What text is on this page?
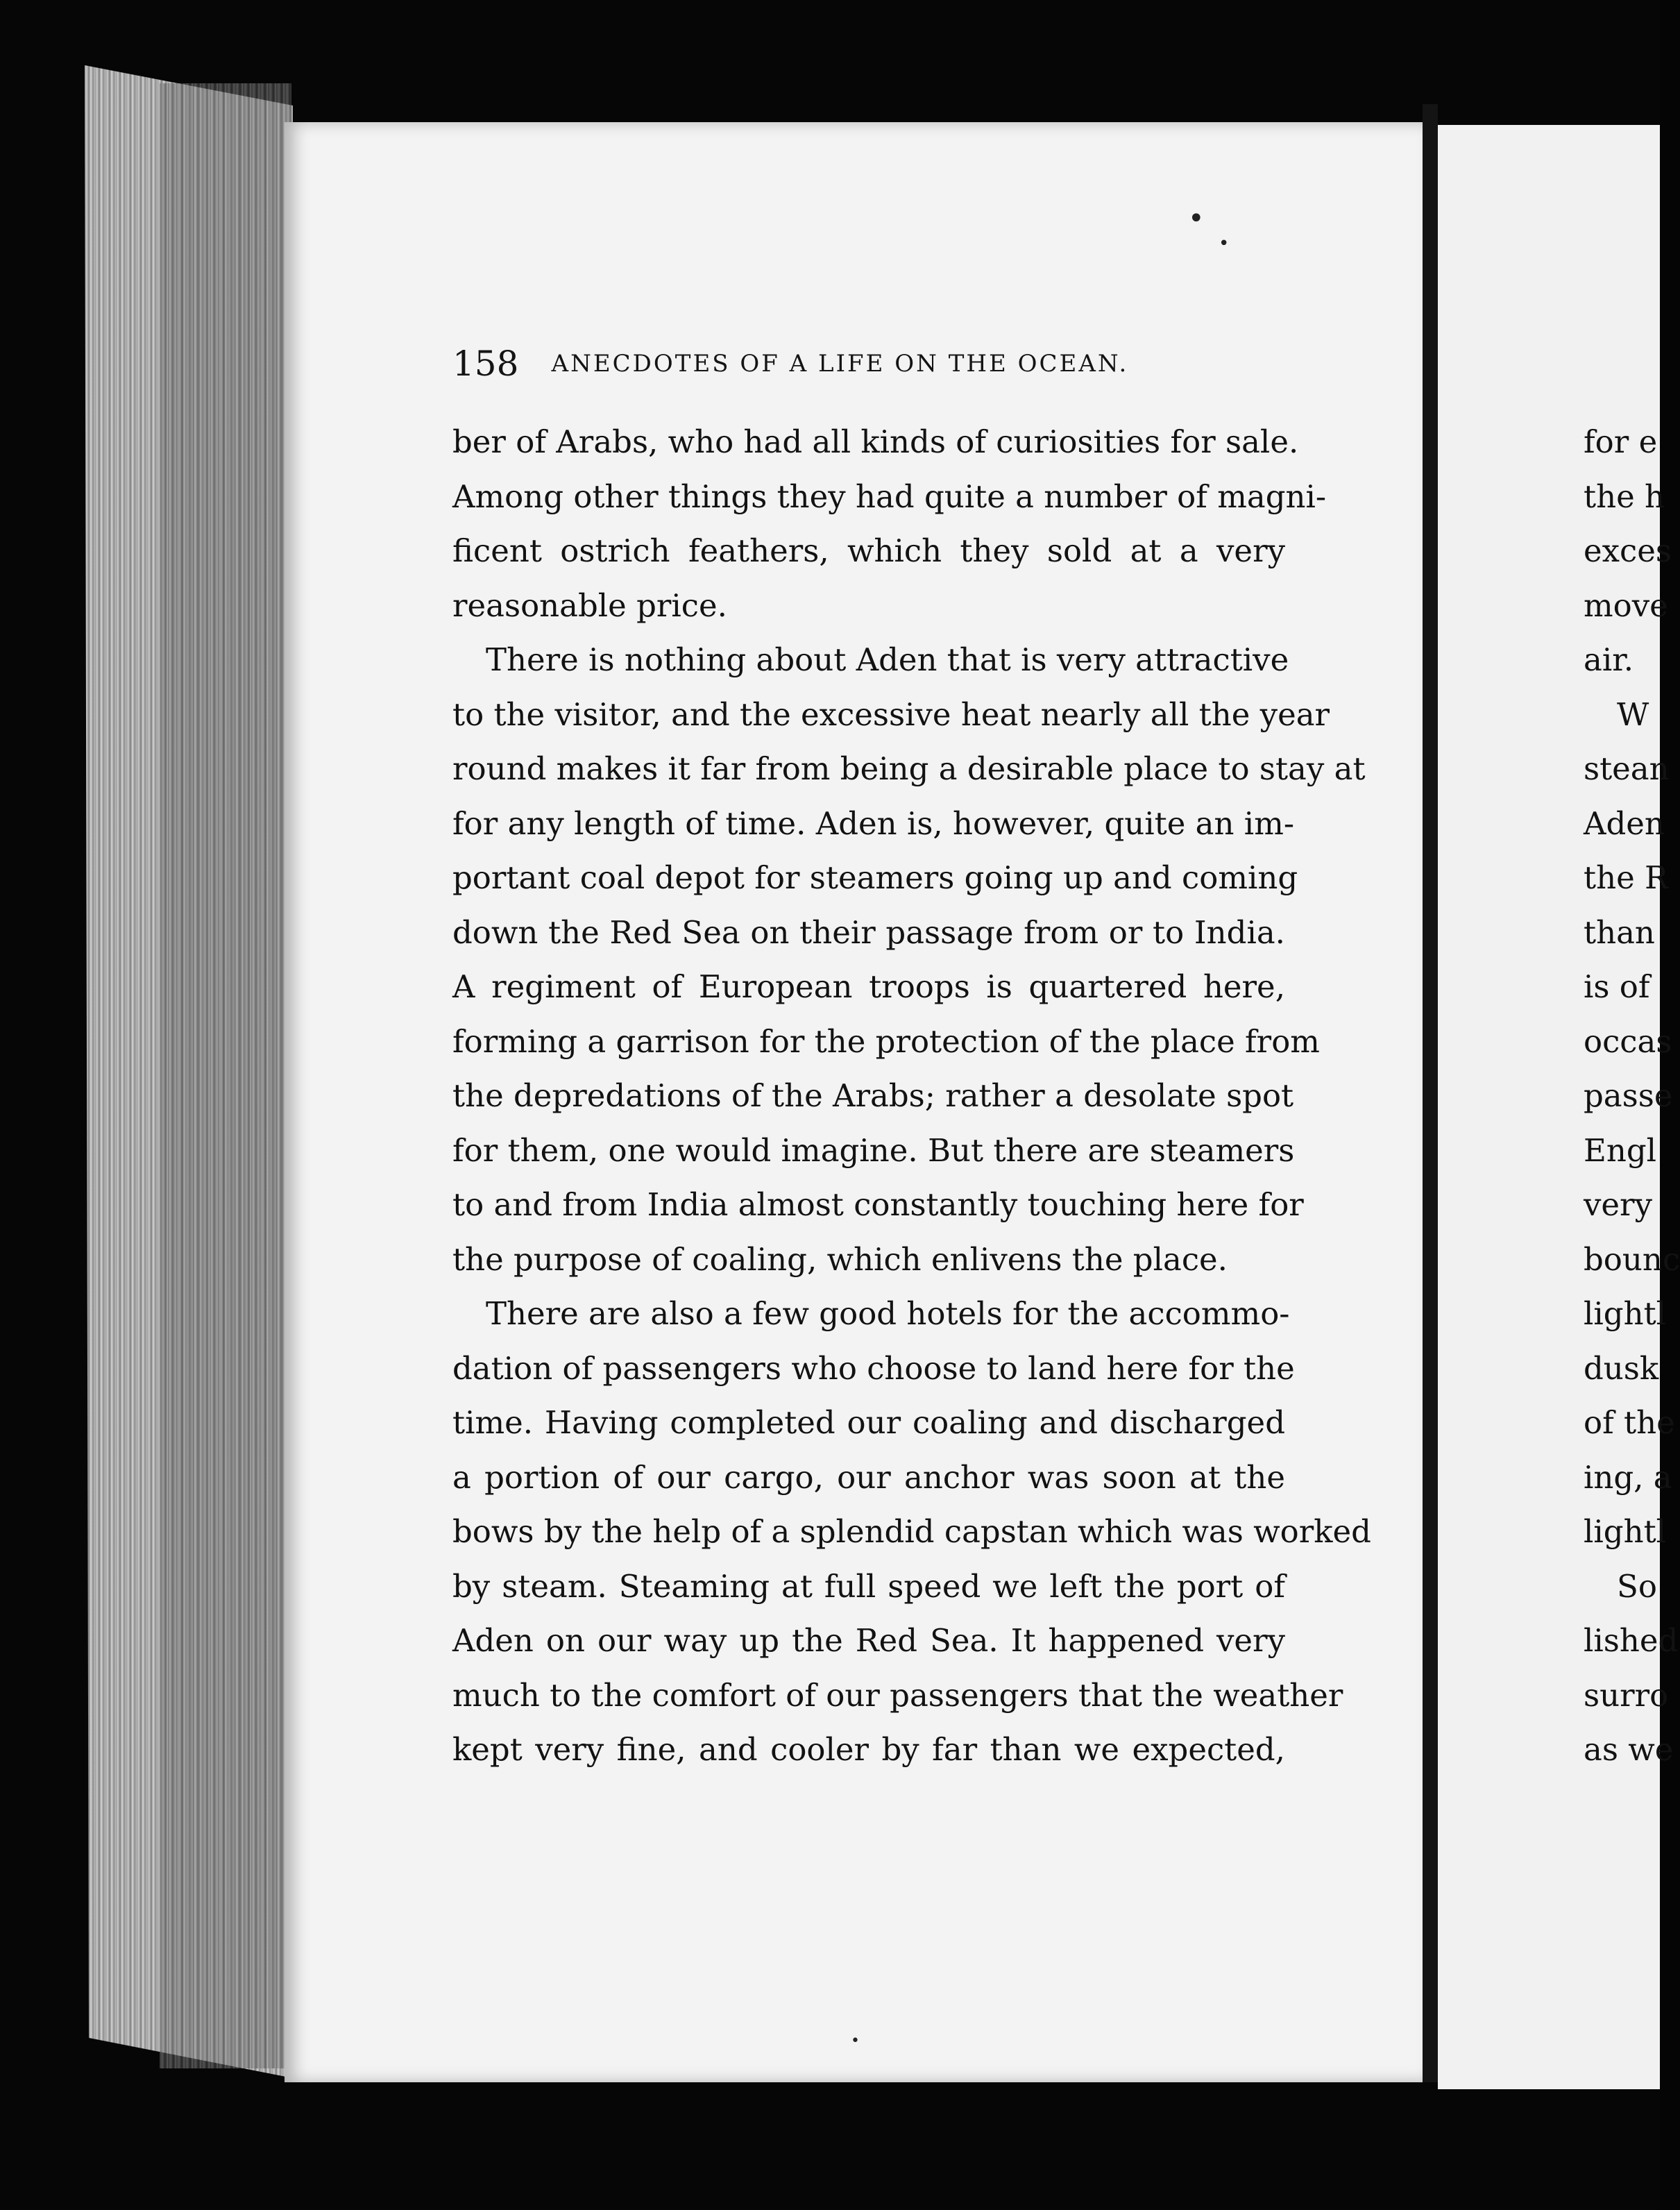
158 ANECDOTES OF A LIFE ON THE OCEAN.
ber of Arabs, who had all kinds of curiosities for sale.
Among other things they had quite a number of magni-
ficent ostrich feathers, which they sold at a very
reasonable price.
There is nothing about Aden that is very attractive
to the visitor, and the excessive heat nearly all the year
round makes it far from being a desirable place to stay at
for any length of time. Aden is, however, quite an im-
portant coal depot for steamers going up and coming
down the Red Sea on their passage from or to India.
A regiment of European troops is quartered here,
forming a garrison for the protection of the place from
the depredations of the Arabs; rather a desolate spot
for them, one would imagine. But there are steamers
to and from India almost constantly touching here for
the purpose of coaling, which enlivens the place.
There are also a few good hotels for the accommo-
dation of passengers who choose to land here for the
time. Having completed our coaling and discharged
a portion of our cargo, our anchor was soon at the
bows by the help of a splendid capstan which was worked
by steam. Steaming at full speed we left the port of
Aden on our way up the Red Sea. It happened very
much to the comfort of our passengers that the weather
kept very fine, and cooler by far than we expected,
for e
the h
exces
move
air.
W
stean
Aden
the R
than
is of
occas
passe
Engl
very
bounc
lightl
dusk
of the
ing, a
lightl
So
lished
surro
as we
•
•
•
